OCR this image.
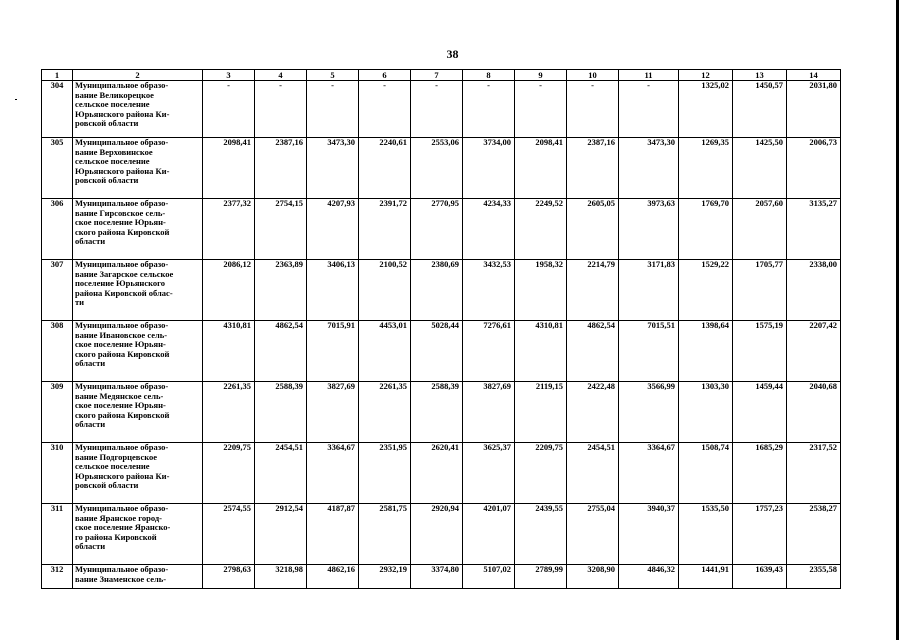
38
1	2	3	4	5	6	7	8	9	10	11	12	13	14
304	Муниципальное образо-
вание Великорецкое
сельское поселение
Юрьянского района Ки-
ровской области	-	-	-	-	-	-	-	-	-	1325,02	1450,57	2031,80
305	Муниципальное образо-
вание Верховинское
сельское поселение
Юрьянского района Ки-
ровской области	2098,41	2387,16	3473,30	2240,61	2553,06	3734,00	2098,41	2387,16	3473,30	1269,35	1425,50	2006,73
306	Муниципальное образо-
вание Гирсовское сель-
ское поселение Юрьян-
ского района Кировской
области	2377,32	2754,15	4207,93	2391,72	2770,95	4234,33	2249,52	2605,05	3973,63	1769,70	2057,60	3135,27
307	Муниципальное образо-
вание Загарское сельское
поселение Юрьянского
района Кировской облас-
ти	2086,12	2363,89	3406,13	2100,52	2380,69	3432,53	1958,32	2214,79	3171,83	1529,22	1705,77	2338,00
308	Муниципальное образо-
вание Ивановское сель-
ское поселение Юрьян-
ского района Кировской
области	4310,81	4862,54	7015,91	4453,01	5028,44	7276,61	4310,81	4862,54	7015,51	1398,64	1575,19	2207,42
309	Муниципальное образо-
вание Медянское сель-
ское поселение Юрьян-
ского района Кировской
области	2261,35	2588,39	3827,69	2261,35	2588,39	3827,69	2119,15	2422,48	3566,99	1303,30	1459,44	2040,68
310	Муниципальное образо-
вание Подгорцевское
сельское поселение
Юрьянского района Ки-
ровской области	2209,75	2454,51	3364,67	2351,95	2620,41	3625,37	2209,75	2454,51	3364,67	1508,74	1685,29	2317,52
311	Муниципальное образо-
вание Яранское город-
ское поселение Яранско-
го района Кировской
области	2574,55	2912,54	4187,87	2581,75	2920,94	4201,07	2439,55	2755,04	3940,37	1535,50	1757,23	2538,27
312	Муниципальное образо-
вание Знаменское сель-	2798,63	3218,98	4862,16	2932,19	3374,80	5107,02	2789,99	3208,90	4846,32	1441,91	1639,43	2355,58
